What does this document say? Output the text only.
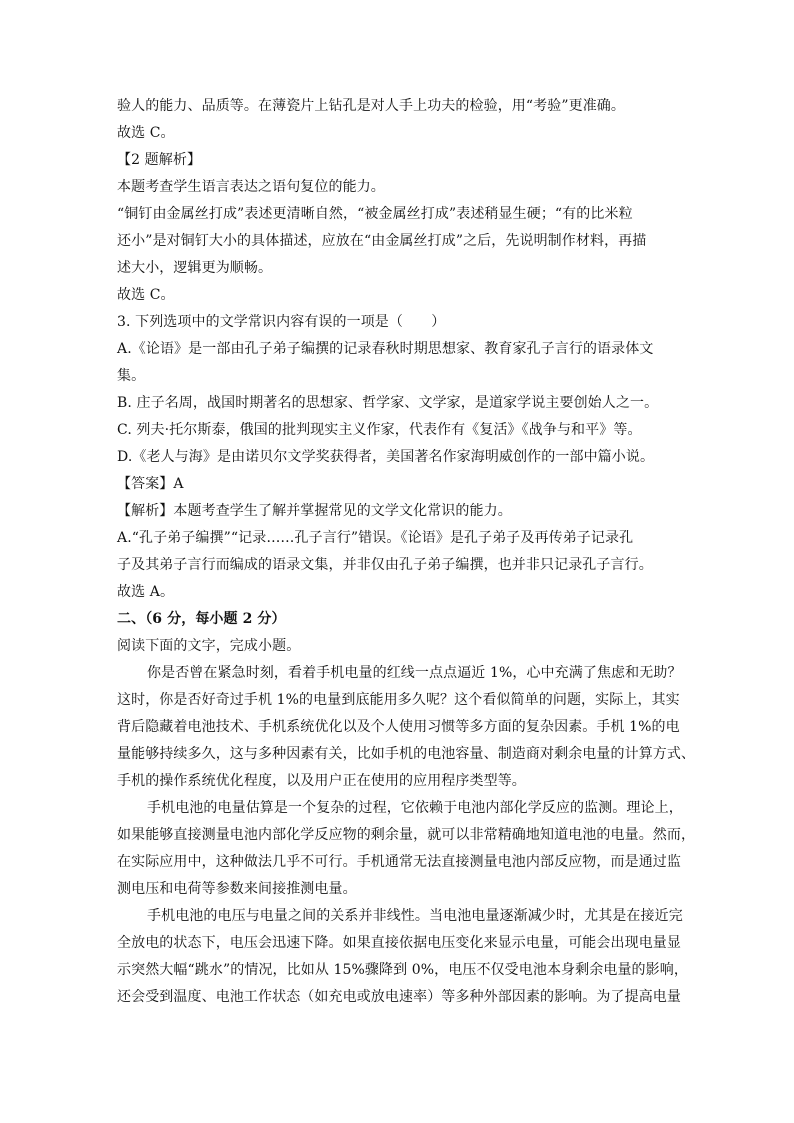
验人的能力、品质等。在薄瓷片上钻孔是对人手上功夫的检验，用“考验”更准确。
故选 C。
【2 题解析】
本题考查学生语言表达之语句复位的能力。
“铜钉由金属丝打成”表述更清晰自然，“被金属丝打成”表述稍显生硬；“有的比米粒
还小”是对铜钉大小的具体描述，应放在“由金属丝打成”之后，先说明制作材料，再描
述大小，逻辑更为顺畅。
故选 C。
3. 下列选项中的文学常识内容有误的一项是（　　）
A.《论语》是一部由孔子弟子编撰的记录春秋时期思想家、教育家孔子言行的语录体文
集。
B. 庄子名周，战国时期著名的思想家、哲学家、文学家，是道家学说主要创始人之一。
C. 列夫·托尔斯泰，俄国的批判现实主义作家，代表作有《复活》《战争与和平》等。
D.《老人与海》是由诺贝尔文学奖获得者，美国著名作家海明威创作的一部中篇小说。
【答案】A
【解析】本题考查学生了解并掌握常见的文学文化常识的能力。
A.“孔子弟子编撰”“记录……孔子言行”错误。《论语》是孔子弟子及再传弟子记录孔
子及其弟子言行而编成的语录文集，并非仅由孔子弟子编撰，也并非只记录孔子言行。
故选 A。
二、（6 分，每小题 2 分）
阅读下面的文字，完成小题。
你是否曾在紧急时刻，看着手机电量的红线一点点逼近 1%，心中充满了焦虑和无助？
这时，你是否好奇过手机 1%的电量到底能用多久呢？这个看似简单的问题，实际上，其实
背后隐藏着电池技术、手机系统优化以及个人使用习惯等多方面的复杂因素。手机 1%的电
量能够持续多久，这与多种因素有关，比如手机的电池容量、制造商对剩余电量的计算方式、
手机的操作系统优化程度，以及用户正在使用的应用程序类型等。
手机电池的电量估算是一个复杂的过程，它依赖于电池内部化学反应的监测。理论上，
如果能够直接测量电池内部化学反应物的剩余量，就可以非常精确地知道电池的电量。然而，
在实际应用中，这种做法几乎不可行。手机通常无法直接测量电池内部反应物，而是通过监
测电压和电荷等参数来间接推测电量。
手机电池的电压与电量之间的关系并非线性。当电池电量逐渐减少时，尤其是在接近完
全放电的状态下，电压会迅速下降。如果直接依据电压变化来显示电量，可能会出现电量显
示突然大幅“跳水”的情况，比如从 15%骤降到 0%，电压不仅受电池本身剩余电量的影响，
还会受到温度、电池工作状态（如充电或放电速率）等多种外部因素的影响。为了提高电量
